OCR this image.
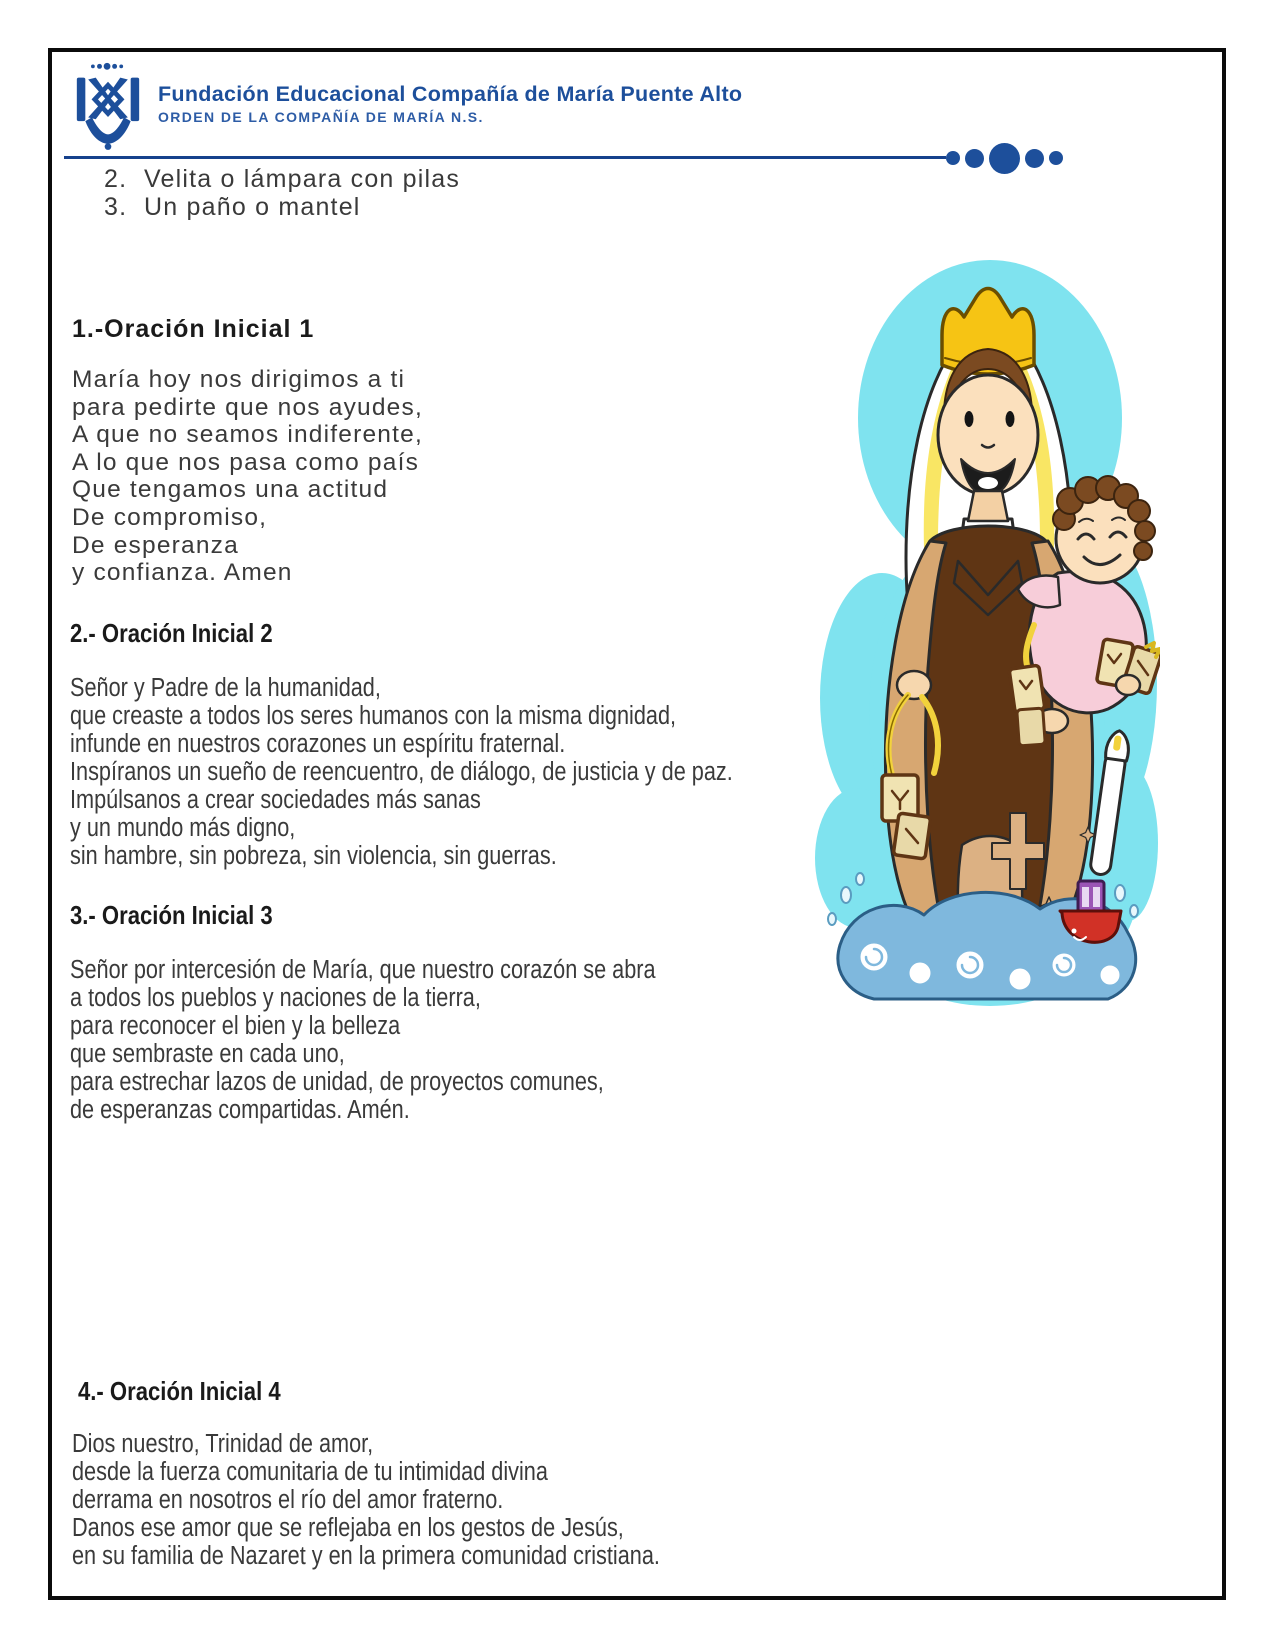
Fundación Educacional Compañía de María Puente Alto
ORDEN DE LA COMPAÑÍA DE MARÍA N.S.
2. Velita o lámpara con pilas
3. Un paño o mantel
1.-Oración Inicial 1
María hoy nos dirigimos a ti
para pedirte que nos ayudes,
A que no seamos indiferente,
A lo que nos pasa como país
Que tengamos una actitud
De compromiso,
De esperanza
y confianza. Amen
2.- Oración Inicial 2
Señor y Padre de la humanidad,
que creaste a todos los seres humanos con la misma dignidad,
infunde en nuestros corazones un espíritu fraternal.
Inspíranos un sueño de reencuentro, de diálogo, de justicia y de paz.
Impúlsanos a crear sociedades más sanas
y un mundo más digno,
sin hambre, sin pobreza, sin violencia, sin guerras.
3.- Oración Inicial 3
Señor por intercesión de María, que nuestro corazón se abra
a todos los pueblos y naciones de la tierra,
para reconocer el bien y la belleza
que sembraste en cada uno,
para estrechar lazos de unidad, de proyectos comunes,
de esperanzas compartidas. Amén.
4.- Oración Inicial 4
Dios nuestro, Trinidad de amor,
desde la fuerza comunitaria de tu intimidad divina
derrama en nosotros el río del amor fraterno.
Danos ese amor que se reflejaba en los gestos de Jesús,
en su familia de Nazaret y en la primera comunidad cristiana.
